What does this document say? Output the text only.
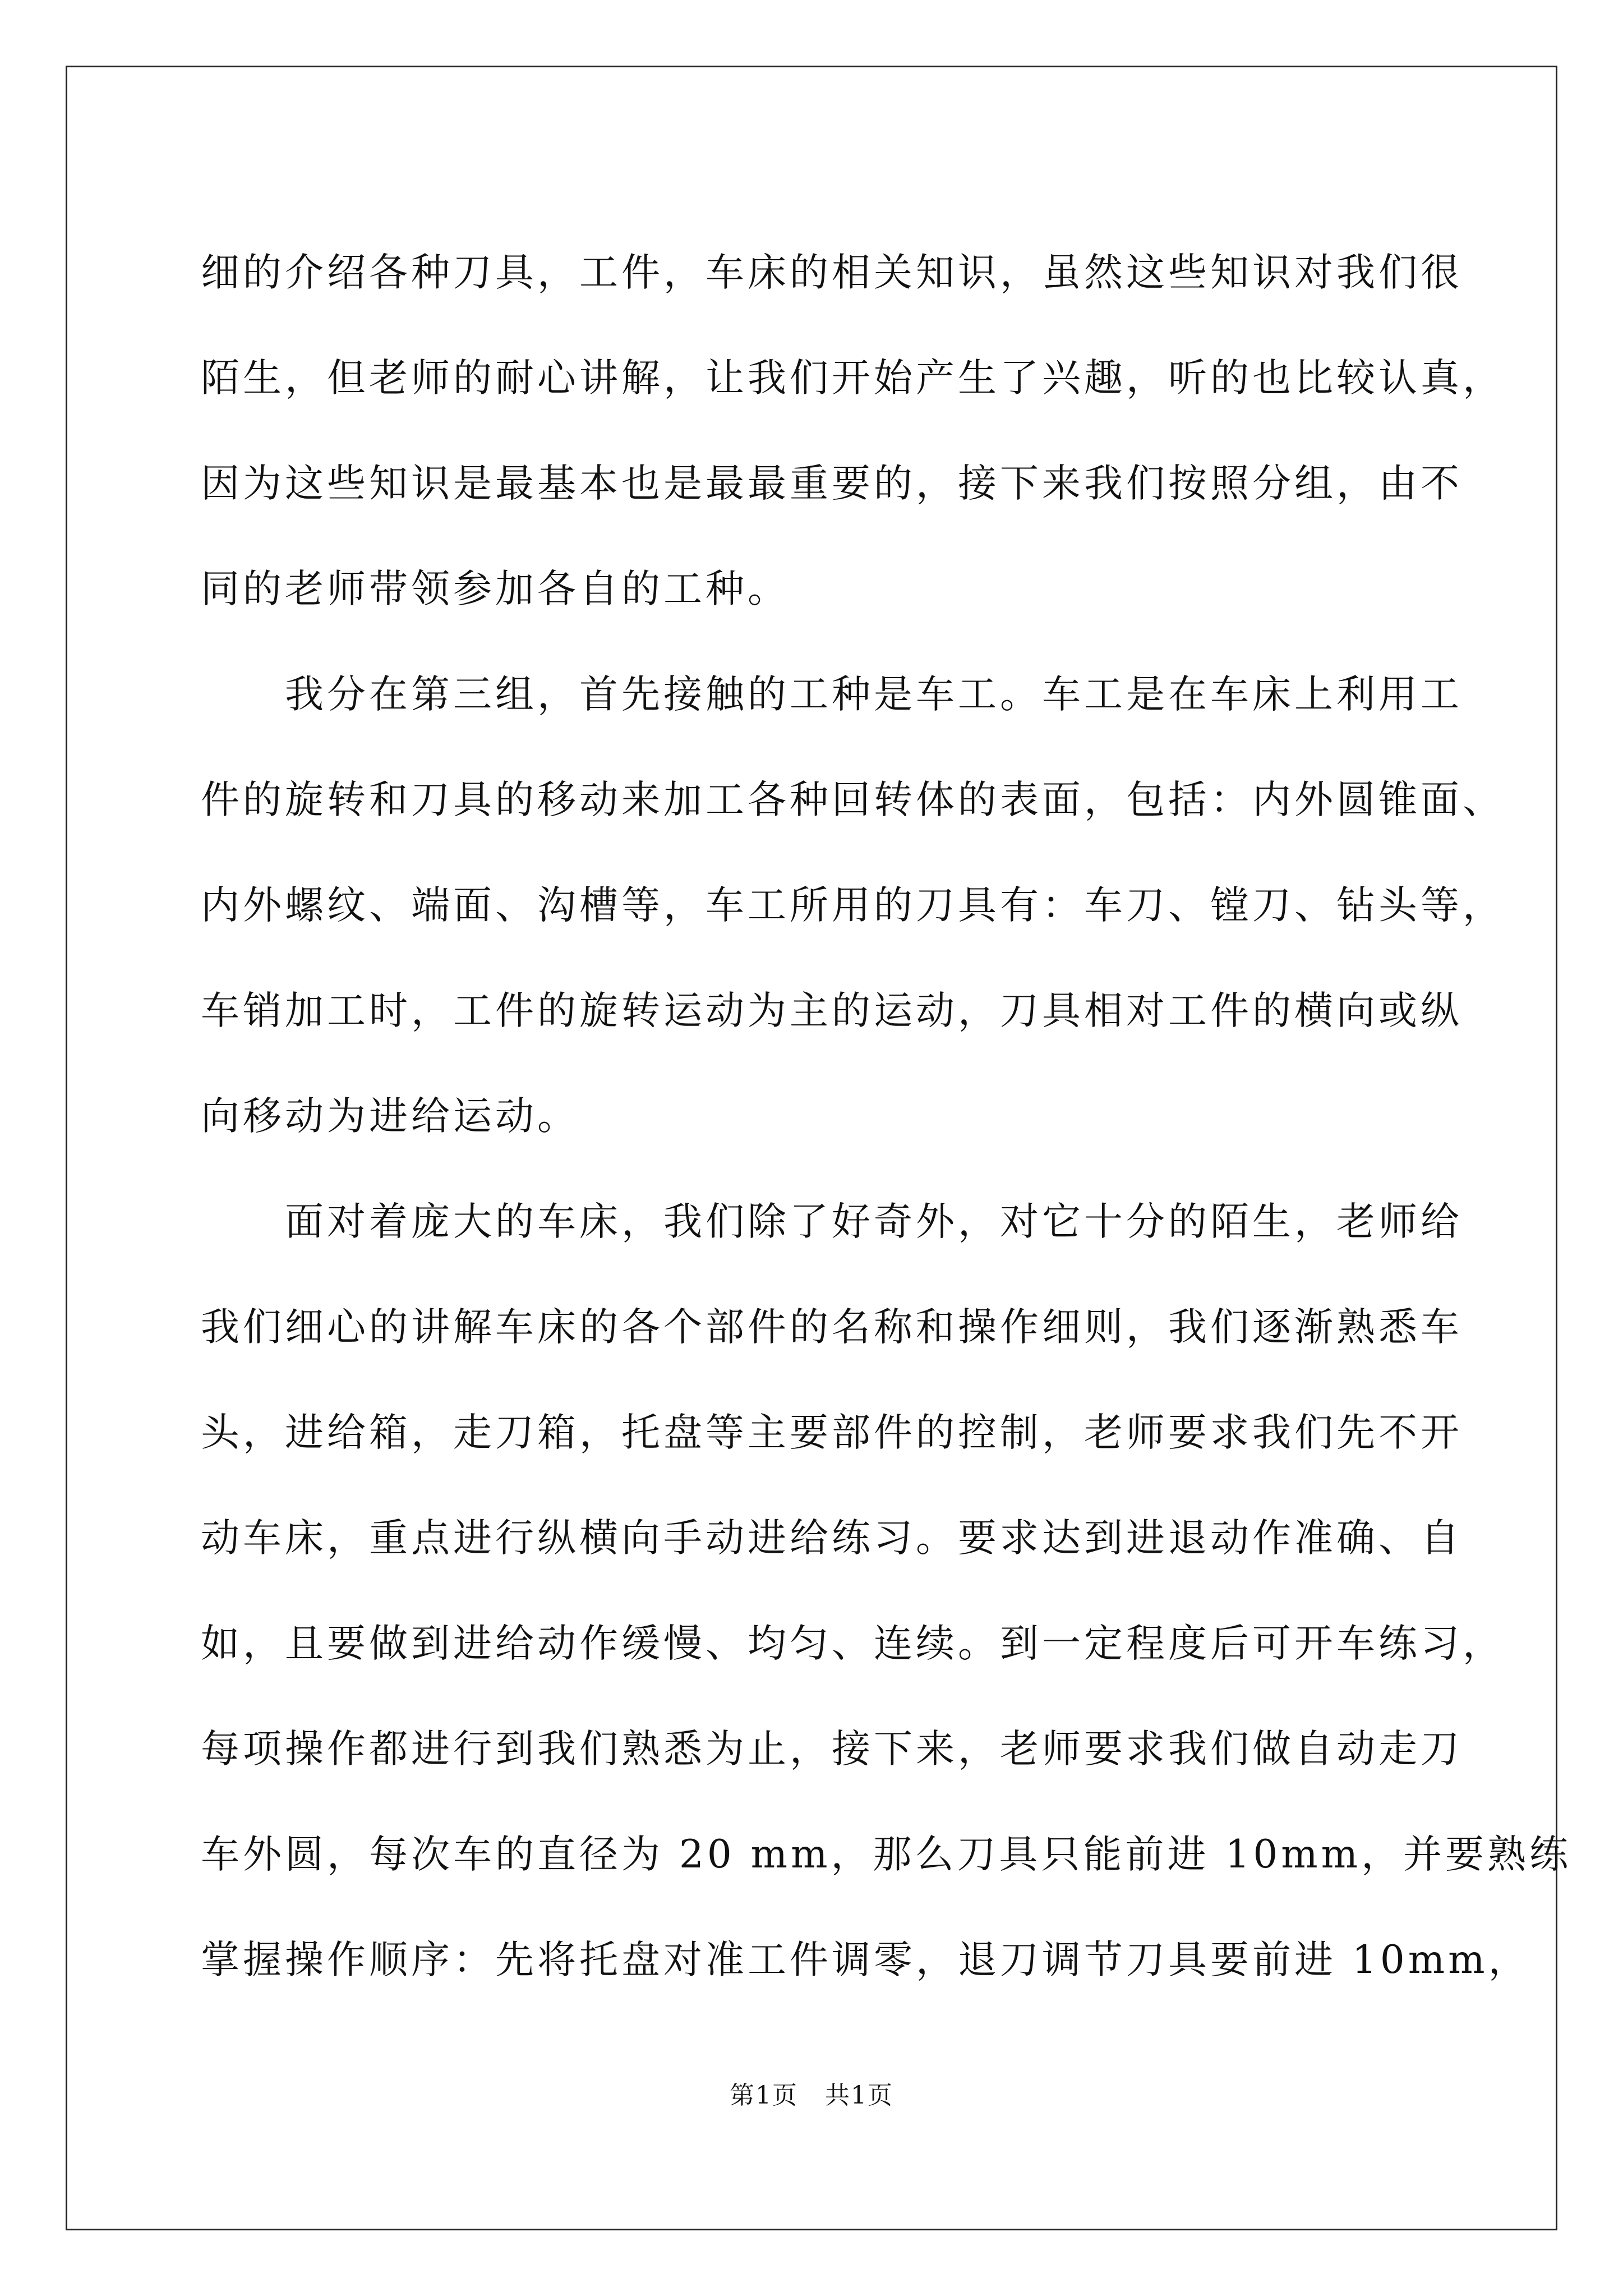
细的介绍各种刀具，工件，车床的相关知识，虽然这些知识对我们很
陌生，但老师的耐心讲解，让我们开始产生了兴趣，听的也比较认真，
因为这些知识是最基本也是最最重要的，接下来我们按照分组，由不
同的老师带领参加各自的工种。
　　我分在第三组，首先接触的工种是车工。车工是在车床上利用工
件的旋转和刀具的移动来加工各种回转体的表面，包括：内外圆锥面、
内外螺纹、端面、沟槽等，车工所用的刀具有：车刀、镗刀、钻头等，
车销加工时，工件的旋转运动为主的运动，刀具相对工件的横向或纵
向移动为进给运动。
　　面对着庞大的车床，我们除了好奇外，对它十分的陌生，老师给
我们细心的讲解车床的各个部件的名称和操作细则，我们逐渐熟悉车
头，进给箱，走刀箱，托盘等主要部件的控制，老师要求我们先不开
动车床，重点进行纵横向手动进给练习。要求达到进退动作准确、自
如，且要做到进给动作缓慢、均匀、连续。到一定程度后可开车练习，
每项操作都进行到我们熟悉为止，接下来，老师要求我们做自动走刀
车外圆，每次车的直径为 20 mm，那么刀具只能前进 10mm，并要熟练
掌握操作顺序：先将托盘对准工件调零，退刀调节刀具要前进 10mm，
第1页   共1页
